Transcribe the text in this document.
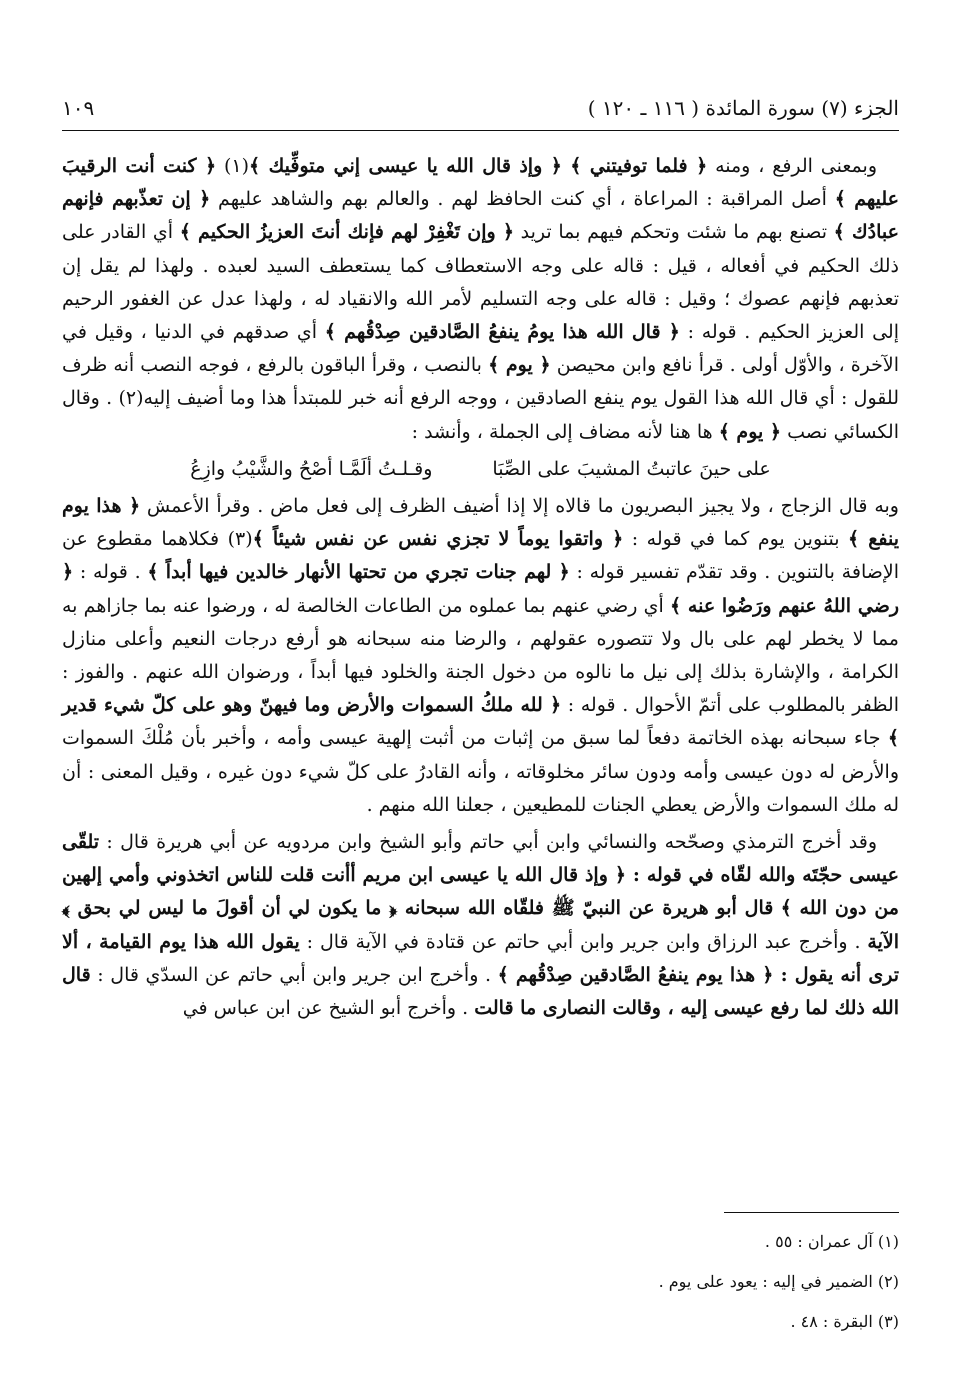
الجزء (٧) سورة المائدة ( ١١٦ ـ ١٢٠ )
١٠٩

وبمعنى الرفع ، ومنه ﴿ فلما توفيتني ﴾ ﴿ وإذ قال الله يا عيسى إني متوفِّيك ﴾(١) ﴿ كنت أنت الرقيبَ عليهم ﴾ أصل المراقبة : المراعاة ، أي كنت الحافظ لهم . والعالم بهم والشاهد عليهم ﴿ إن تعذّبهم فإنهم عبادُك ﴾ تصنع بهم ما شئت وتحكم فيهم بما تريد ﴿ وإن تَغْفِرْ لهم فإنك أنتَ العزيزُ الحكيم ﴾ أي القادر على ذلك الحكيم في أفعاله ، قيل : قاله على وجه الاستعطاف كما يستعطف السيد لعبده . ولهذا لم يقل إن تعذبهم فإنهم عصوك ؛ وقيل : قاله على وجه التسليم لأمر الله والانقياد له ، ولهذا عدل عن الغفور الرحيم إلى العزيز الحكيم . قوله : ﴿ قال الله هذا يومُ ينفعُ الصَّادقين صِدْقُهم ﴾ أي صدقهم في الدنيا ، وقيل في الآخرة ، والأوّل أولى . قرأ نافع وابن محيصن ﴿ يوم ﴾ بالنصب ، وقرأ الباقون بالرفع ، فوجه النصب أنه ظرف للقول : أي قال الله هذا القول يوم ينفع الصادقين ، ووجه الرفع أنه خبر للمبتدأ هذا وما أضيف إليه(٢) . وقال الكسائي نصب ﴿ يوم ﴾ ها هنا لأنه مضاف إلى الجملة ، وأنشد :

على حينَ عاتبتُ المشيبَ على الصِّبَا
وقـلـتُ ألَمَّـا أصْحُ والشَّيْبُ وازِعُ

وبه قال الزجاج ، ولا يجيز البصريون ما قالاه إلا إذا أضيف الظرف إلى فعل ماض . وقرأ الأعمش ﴿ هذا يوم ينفع ﴾ بتنوين يوم كما في قوله : ﴿ واتقوا يوماً لا تجزي نفس عن نفس شيئاً ﴾(٣) فكلاهما مقطوع عن الإضافة بالتنوين . وقد تقدّم تفسير قوله : ﴿ لهم جنات تجري من تحتها الأنهار خالدين فيها أبداً ﴾ . قوله : ﴿ رضي اللهُ عنهم ورَضُوا عنه ﴾ أي رضي عنهم بما عملوه من الطاعات الخالصة له ، ورضوا عنه بما جازاهم به مما لا يخطر لهم على بال ولا تتصوره عقولهم ، والرضا منه سبحانه هو أرفع درجات النعيم وأعلى منازل الكرامة ، والإشارة بذلك إلى نيل ما نالوه من دخول الجنة والخلود فيها أبداً ، ورضوان الله عنهم . والفوز : الظفر بالمطلوب على أتمّ الأحوال . قوله : ﴿ لله ملكُ السموات والأرض وما فيهنّ وهو على كلّ شيء قدير ﴾ جاء سبحانه بهذه الخاتمة دفعاً لما سبق من إثبات من أثبت إلهية عيسى وأمه ، وأخبر بأن مُلْكَ السموات والأرض له دون عيسى وأمه ودون سائر مخلوقاته ، وأنه القادرُ على كلّ شيء دون غيره ، وقيل المعنى : أن له ملك السموات والأرض يعطي الجنات للمطيعين ، جعلنا الله منهم .

وقد أخرج الترمذي وصحّحه والنسائي وابن أبي حاتم وأبو الشيخ وابن مردويه عن أبي هريرة قال : تلقّى عيسى حجّتَه والله لقّاه في قوله : ﴿ وإذ قال الله يا عيسى ابن مريم أأنت قلت للناس اتخذوني وأمي إلهين من دون الله ﴾ قال أبو هريرة عن النبيّ ﷺ فلقّاه الله سبحانه ﴿ ما يكون لي أن أقولَ ما ليس لي بحق ﴾ الآية . وأخرج عبد الرزاق وابن جرير وابن أبي حاتم عن قتادة في الآية قال : يقول الله هذا يوم القيامة ، ألا ترى أنه يقول : ﴿ هذا يوم ينفعُ الصَّادقين صِدْقُهم ﴾ . وأخرج ابن جرير وابن أبي حاتم عن السدّي قال : قال الله ذلك لما رفع عيسى إليه ، وقالت النصارى ما قالت . وأخرج أبو الشيخ عن ابن عباس في

(١) آل عمران : ٥٥ .
(٢) الضمير في إليه : يعود على يوم .
(٣) البقرة : ٤٨ .
